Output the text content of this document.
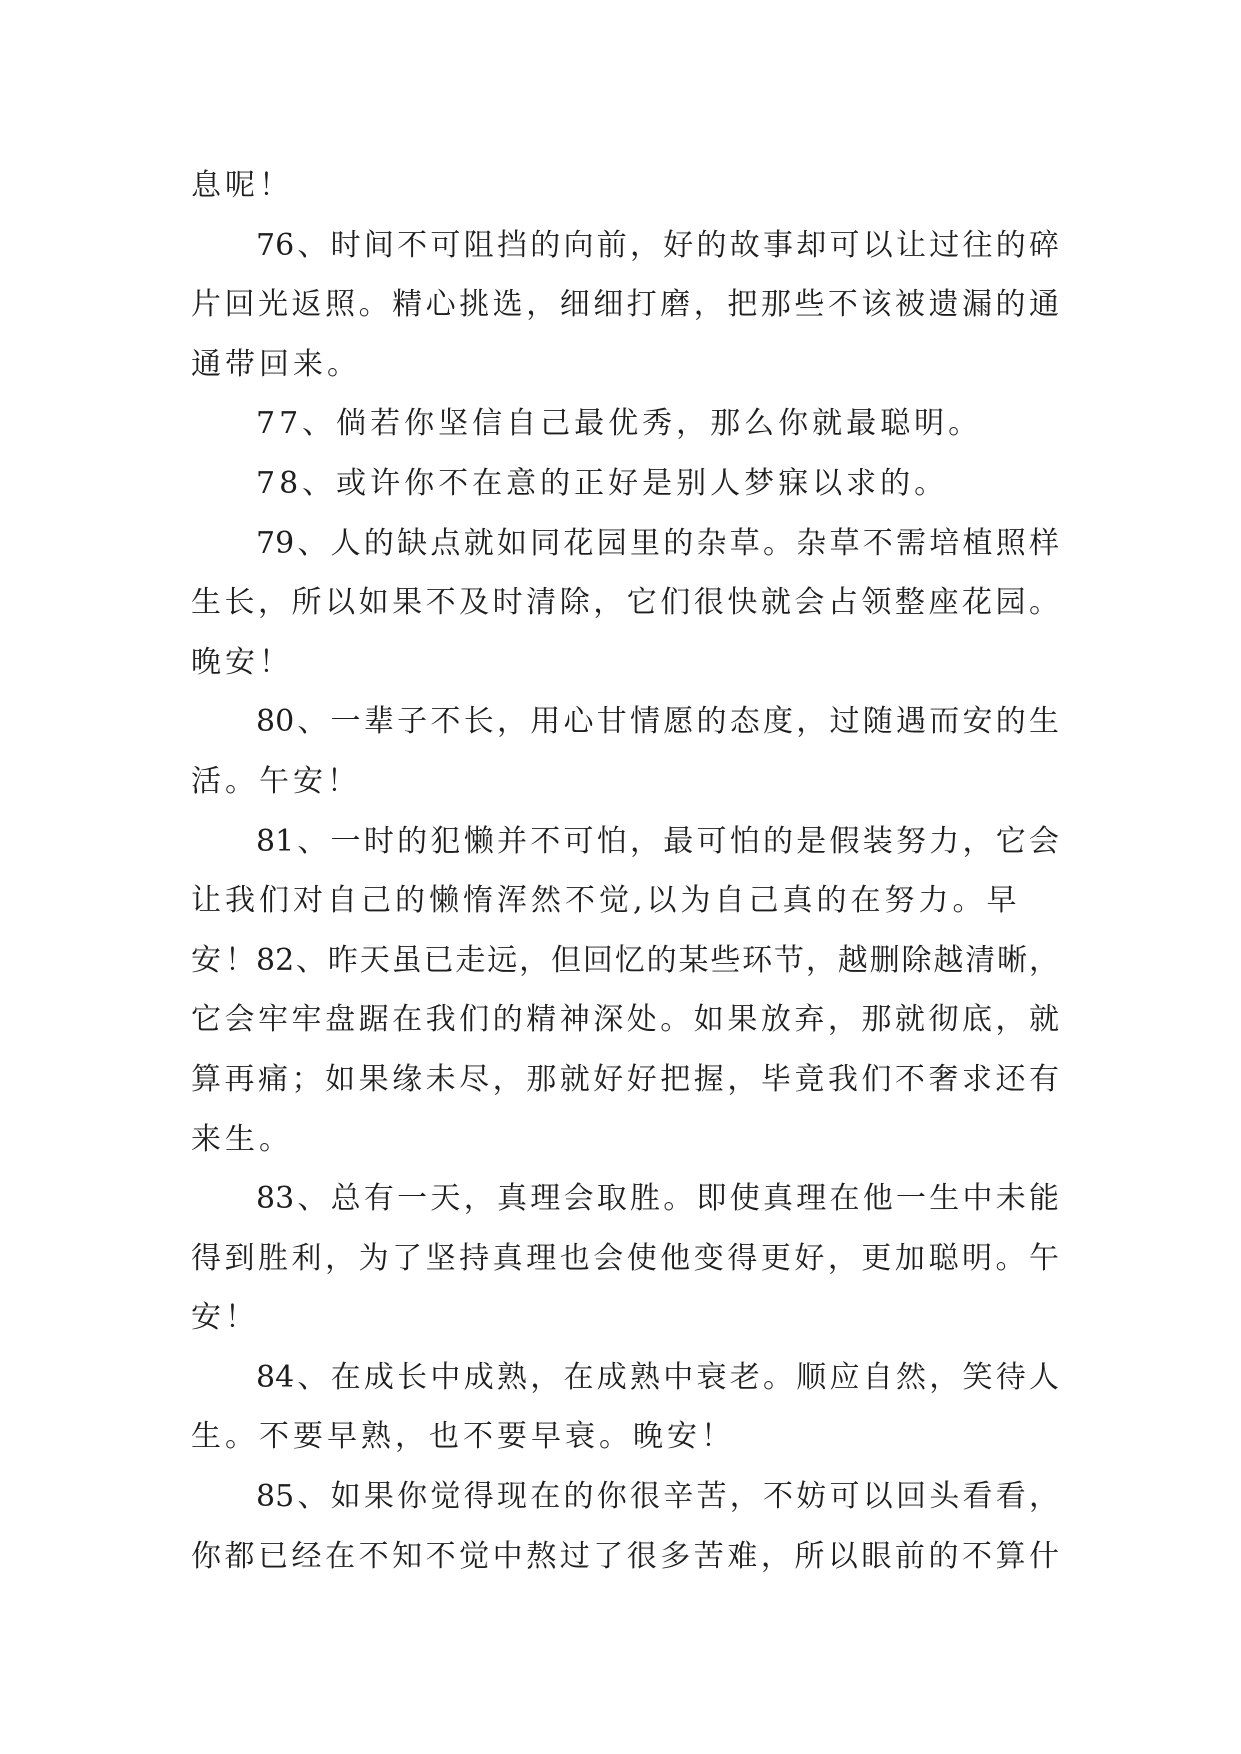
息呢！
76、时间不可阻挡的向前，好的故事却可以让过往的碎
片回光返照。精心挑选，细细打磨，把那些不该被遗漏的通
通带回来。
77、倘若你坚信自己最优秀，那么你就最聪明。
78、或许你不在意的正好是别人梦寐以求的。
79、人的缺点就如同花园里的杂草。杂草不需培植照样
生长，所以如果不及时清除，它们很快就会占领整座花园。
晚安！
80、一辈子不长，用心甘情愿的态度，过随遇而安的生
活。午安！
81、一时的犯懒并不可怕，最可怕的是假装努力，它会
让我们对自己的懒惰浑然不觉,以为自己真的在努力。早安！
82、昨天虽已走远，但回忆的某些环节，越删除越清晰，
它会牢牢盘踞在我们的精神深处。如果放弃，那就彻底，就
算再痛；如果缘未尽，那就好好把握，毕竟我们不奢求还有
来生。
83、总有一天，真理会取胜。即使真理在他一生中未能
得到胜利，为了坚持真理也会使他变得更好，更加聪明。午
安！
84、在成长中成熟，在成熟中衰老。顺应自然，笑待人
生。不要早熟，也不要早衰。晚安！
85、如果你觉得现在的你很辛苦，不妨可以回头看看，
你都已经在不知不觉中熬过了很多苦难，所以眼前的不算什
